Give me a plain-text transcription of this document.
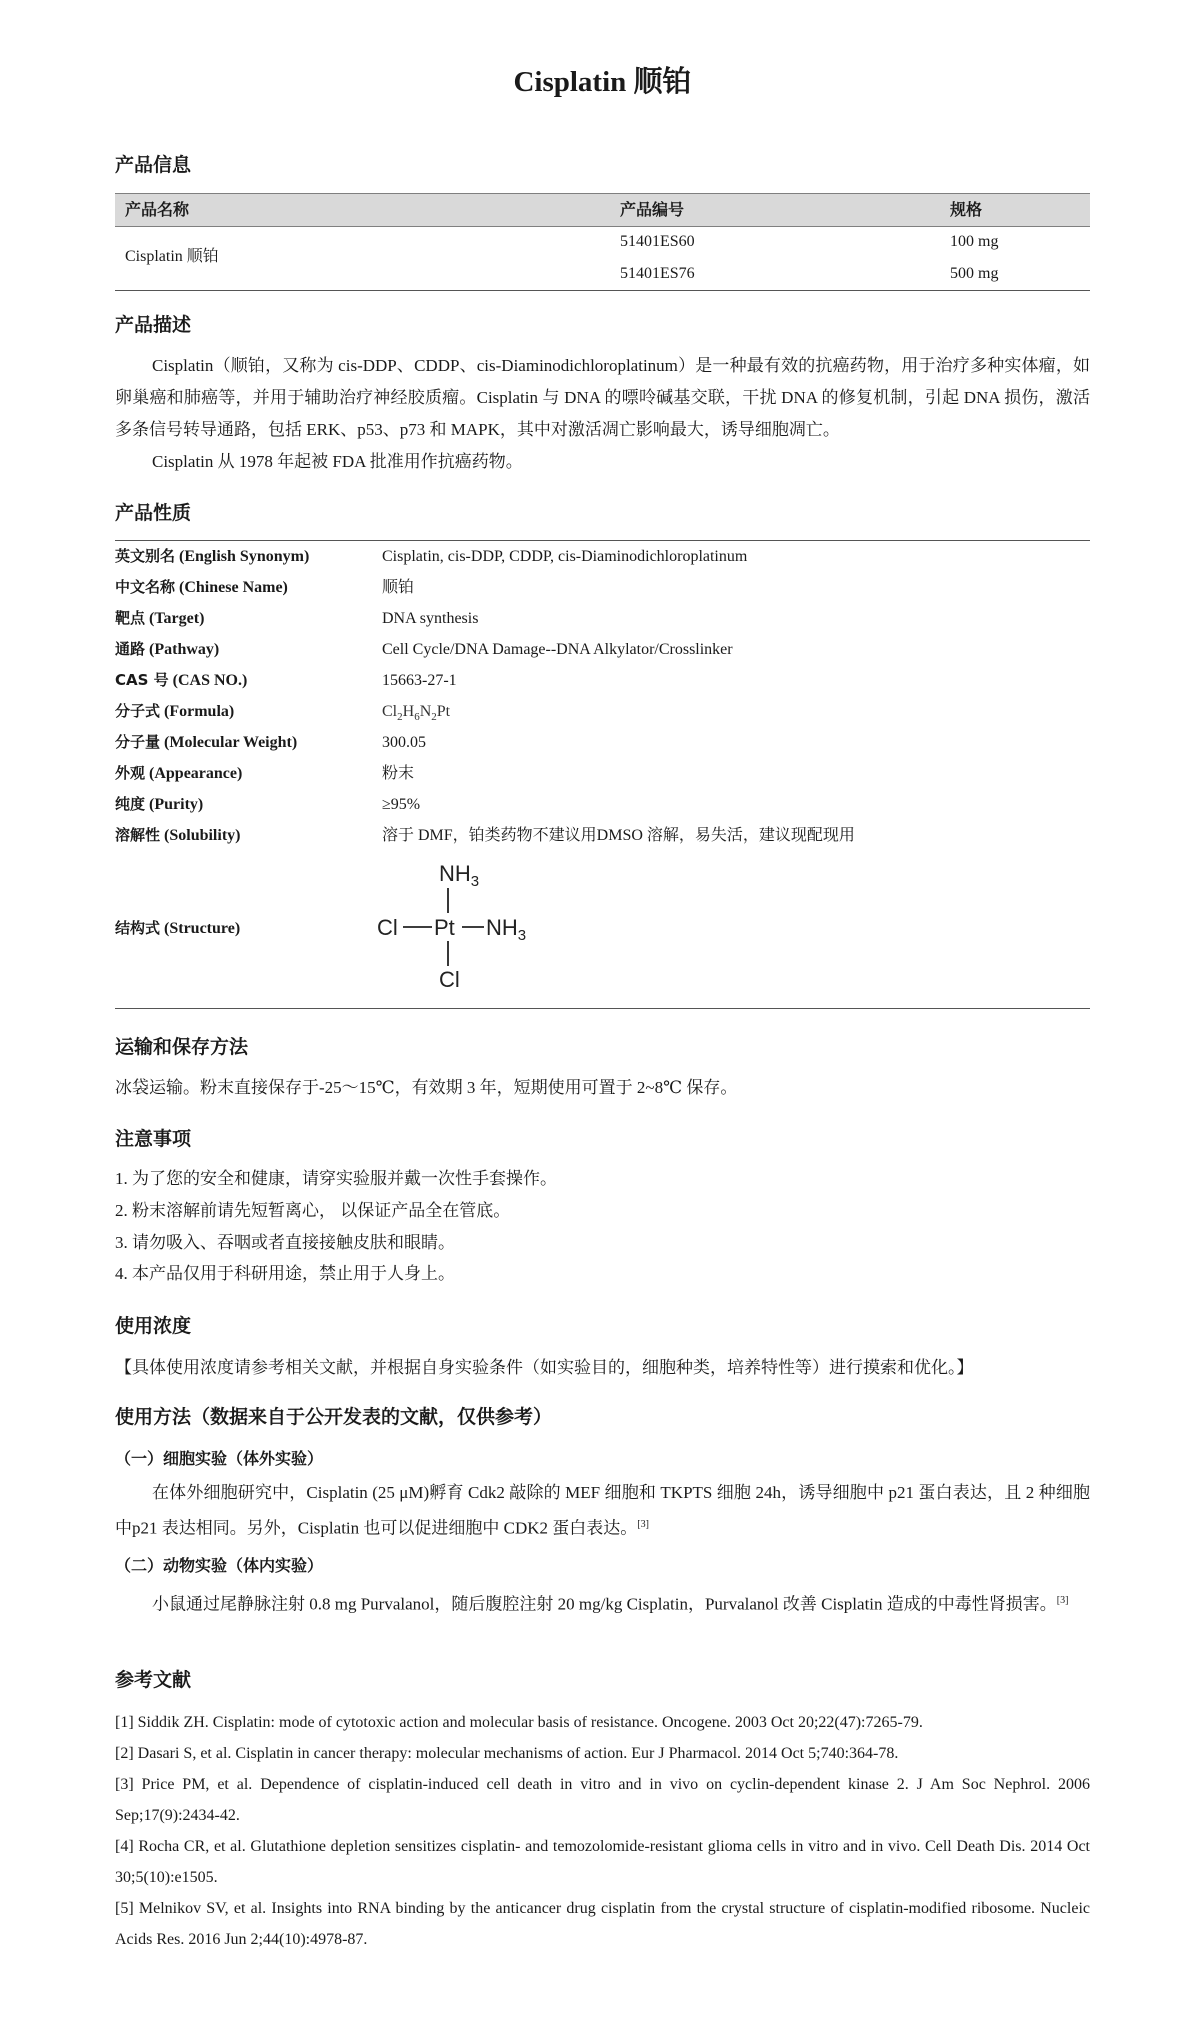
Cisplatin 顺铂
产品信息
产品名称	产品编号	规格
Cisplatin 顺铂
51401ES60	100 mg
51401ES76	500 mg
产品描述
Cisplatin（顺铂，又称为 cis-DDP、CDDP、cis-Diaminodichloroplatinum）是一种最有效的抗癌药物，用于治疗多种实体瘤，如卵巢癌和肺癌等，并用于辅助治疗神经胶质瘤。Cisplatin 与 DNA 的嘌呤碱基交联，干扰 DNA 的修复机制，引起 DNA 损伤，激活多条信号转导通路，包括 ERK、p53、p73 和 MAPK，其中对激活凋亡影响最大，诱导细胞凋亡。
Cisplatin 从 1978 年起被 FDA 批准用作抗癌药物。
产品性质
英文别名 (English Synonym)	Cisplatin, cis-DDP, CDDP, cis-Diaminodichloroplatinum
中文名称 (Chinese Name)	顺铂
靶点 (Target)	DNA synthesis
通路 (Pathway)	Cell Cycle/DNA Damage--DNA Alkylator/Crosslinker
CAS 号 (CAS NO.)	15663-27-1
分子式 (Formula)	$Cl_2H_6N_2Pt$
分子量 (Molecular Weight)	300.05
外观 (Appearance)	粉末
纯度 (Purity)	≥95%
溶解性 (Solubility)	溶于 DMF，铂类药物不建议用DMSO 溶解，易失活，建议现配现用
结构式 (Structure)
$NH_3$
Cl Pt $NH_3$
Cl
运输和保存方法
冰袋运输。粉末直接保存于-25～15℃，有效期 3 年，短期使用可置于 2~8℃ 保存。
注意事项
1. 为了您的安全和健康，请穿实验服并戴一次性手套操作。
2. 粉末溶解前请先短暂离心， 以保证产品全在管底。
3. 请勿吸入、吞咽或者直接接触皮肤和眼睛。
4. 本产品仅用于科研用途，禁止用于人身上。
使用浓度
【具体使用浓度请参考相关文献，并根据自身实验条件（如实验目的，细胞种类，培养特性等）进行摸索和优化。】
使用方法（数据来自于公开发表的文献，仅供参考）
（一）细胞实验（体外实验）
在体外细胞研究中，Cisplatin (25 μM)孵育 Cdk2 敲除的 MEF 细胞和 TKPTS 细胞 24h，诱导细胞中 p21 蛋白表达，且 2 种细胞中p21 表达相同。另外，Cisplatin 也可以促进细胞中 CDK2 蛋白表达。[3]
（二）动物实验（体内实验）
小鼠通过尾静脉注射 0.8 mg Purvalanol，随后腹腔注射 20 mg/kg Cisplatin，Purvalanol 改善 Cisplatin 造成的中毒性肾损害。[3]
参考文献
[1] Siddik ZH. Cisplatin: mode of cytotoxic action and molecular basis of resistance. Oncogene. 2003 Oct 20;22(47):7265-79.
[2] Dasari S, et al. Cisplatin in cancer therapy: molecular mechanisms of action. Eur J Pharmacol. 2014 Oct 5;740:364-78.
[3] Price PM, et al. Dependence of cisplatin-induced cell death in vitro and in vivo on cyclin-dependent kinase 2. J Am Soc Nephrol. 2006 Sep;17(9):2434-42.
[4] Rocha CR, et al. Glutathione depletion sensitizes cisplatin- and temozolomide-resistant glioma cells in vitro and in vivo. Cell Death Dis. 2014 Oct 30;5(10):e1505.
[5] Melnikov SV, et al. Insights into RNA binding by the anticancer drug cisplatin from the crystal structure of cisplatin-modified ribosome. Nucleic Acids Res. 2016 Jun 2;44(10):4978-87.
